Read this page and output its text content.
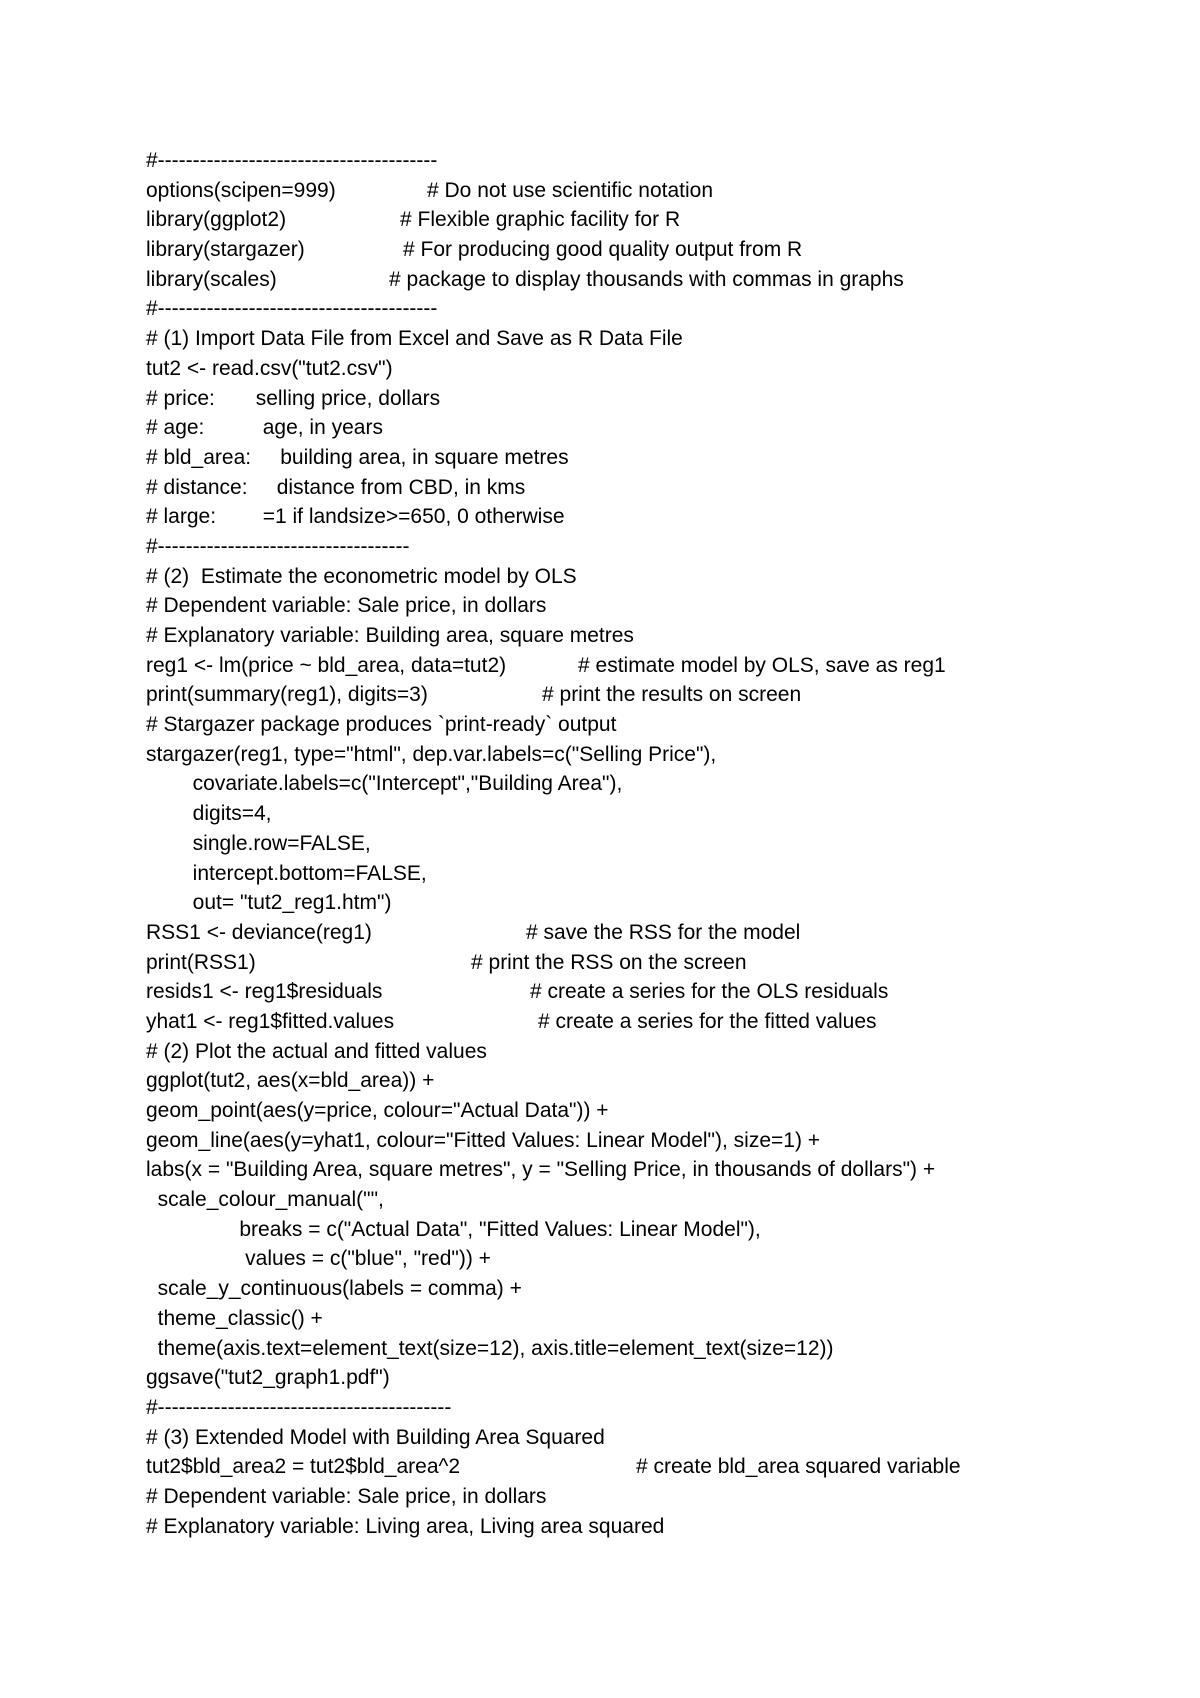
#----------------------------------------
options(scipen=999)	# Do not use scientific notation
library(ggplot2)	# Flexible graphic facility for R
library(stargazer)	# For producing good quality output from R
library(scales)	# package to display thousands with commas in graphs
#----------------------------------------
# (1) Import Data File from Excel and Save as R Data File
tut2 <- read.csv("tut2.csv")
# price:       selling price, dollars
# age:          age, in years
# bld_area:     building area, in square metres
# distance:     distance from CBD, in kms
# large:        =1 if landsize>=650, 0 otherwise
#------------------------------------
# (2)  Estimate the econometric model by OLS
# Dependent variable: Sale price, in dollars
# Explanatory variable: Building area, square metres
reg1 <- lm(price ~ bld_area, data=tut2)	# estimate model by OLS, save as reg1
print(summary(reg1), digits=3)	# print the results on screen
# Stargazer package produces `print-ready` output
stargazer(reg1, type="html", dep.var.labels=c("Selling Price"),
covariate.labels=c("Intercept","Building Area"),
digits=4,
single.row=FALSE,
intercept.bottom=FALSE,
out= "tut2_reg1.htm")
RSS1 <- deviance(reg1)	# save the RSS for the model
print(RSS1)	# print the RSS on the screen
resids1 <- reg1$residuals	# create a series for the OLS residuals
yhat1 <- reg1$fitted.values	# create a series for the fitted values
# (2) Plot the actual and fitted values
ggplot(tut2, aes(x=bld_area)) +
geom_point(aes(y=price, colour="Actual Data")) +
geom_line(aes(y=yhat1, colour="Fitted Values: Linear Model"), size=1) +
labs(x = "Building Area, square metres", y = "Selling Price, in thousands of dollars") +
scale_colour_manual("",
breaks = c("Actual Data", "Fitted Values: Linear Model"),
values = c("blue", "red")) +
scale_y_continuous(labels = comma) +
theme_classic() +
theme(axis.text=element_text(size=12), axis.title=element_text(size=12))
ggsave("tut2_graph1.pdf")
#------------------------------------------
# (3) Extended Model with Building Area Squared
tut2$bld_area2 = tut2$bld_area^2	# create bld_area squared variable
# Dependent variable: Sale price, in dollars
# Explanatory variable: Living area, Living area squared
